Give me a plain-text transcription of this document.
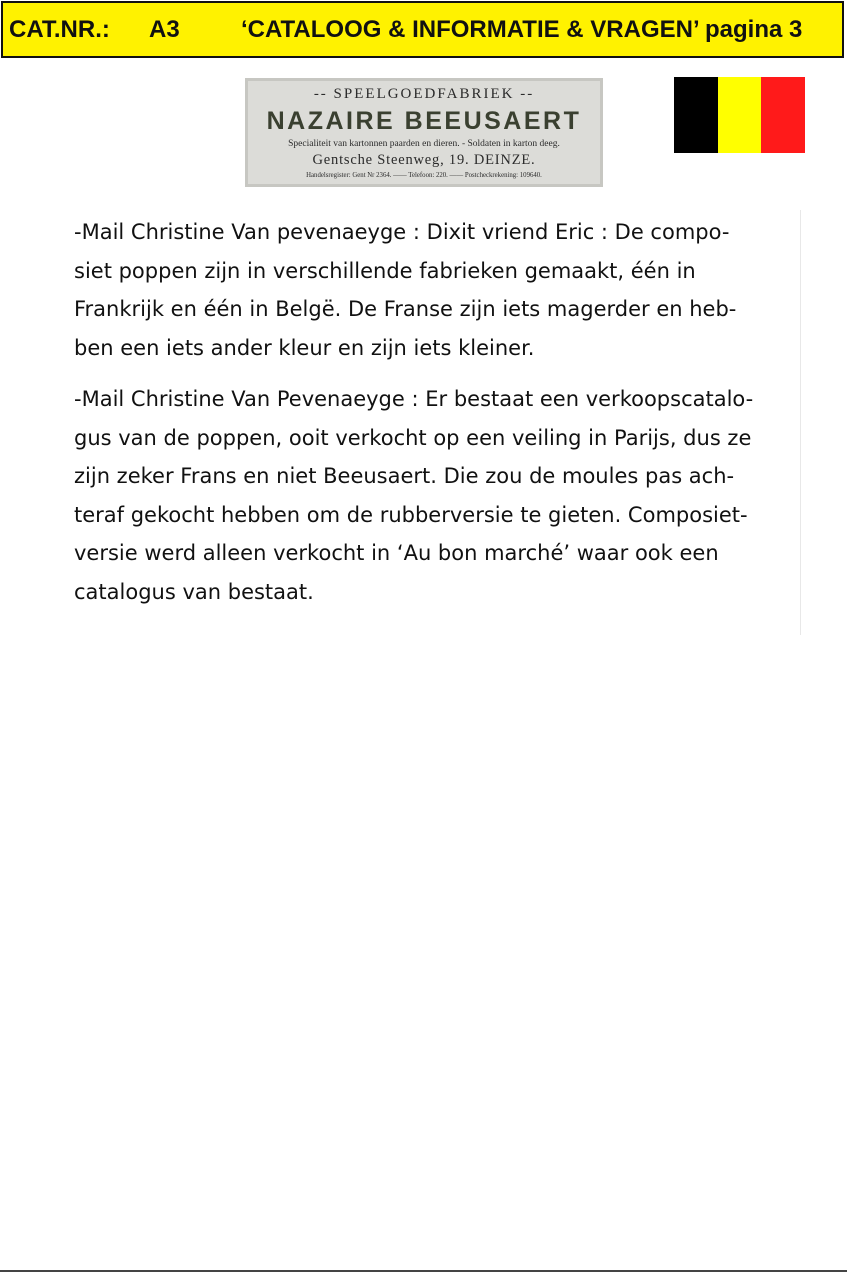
CAT.NR.: A3	‘CATALOOG & INFORMATIE & VRAGEN’ pagina 3
-- SPEELGOEDFABRIEK --
NAZAIRE BEEUSAERT
Specialiteit van kartonnen paarden en dieren. - Soldaten in karton deeg.
Gentsche Steenweg, 19. DEINZE.
Handelsregister: Gent Nr 2364. —— Telefoon: 220. —— Postcheckrekening: 109640.

-Mail Christine Van pevenaeyge : Dixit vriend Eric : De compo-

siet poppen zijn in verschillende fabrieken gemaakt, één in

Frankrijk en één in Belgë. De Franse zijn iets magerder en heb-

ben een iets ander kleur en zijn iets kleiner.

-Mail Christine Van Pevenaeyge : Er bestaat een verkoopscatalo-

gus van de poppen, ooit verkocht op een veiling in Parijs, dus ze

zijn zeker Frans en niet Beeusaert. Die zou de moules pas ach-

teraf gekocht hebben om de rubberversie te gieten. Composiet-

versie werd alleen verkocht in ‘Au bon marché’ waar ook een

catalogus van bestaat.
